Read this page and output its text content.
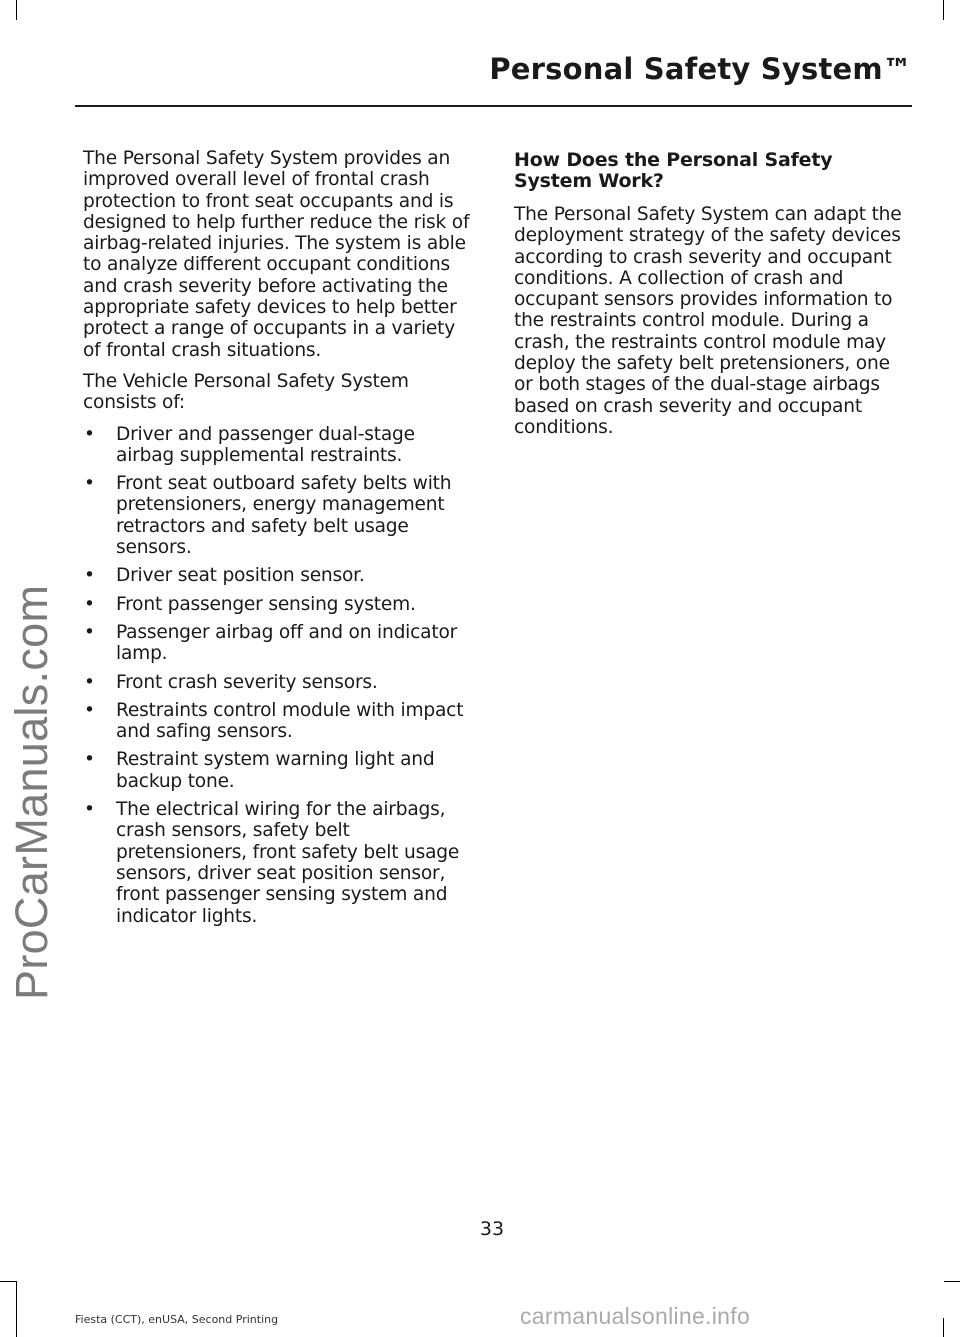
Personal Safety System™
ProCarManuals.com

The Personal Safety System provides an improved overall level of frontal crash protection to front seat occupants and is designed to help further reduce the risk of airbag-related injuries. The system is able to analyze different occupant conditions and crash severity before activating the appropriate safety devices to help better protect a range of occupants in a variety of frontal crash situations.

The Vehicle Personal Safety System consists of:

• Driver and passenger dual-stage airbag supplemental restraints.
• Front seat outboard safety belts with pretensioners, energy management retractors and safety belt usage sensors.
• Driver seat position sensor.
• Front passenger sensing system.
• Passenger airbag off and on indicator lamp.
• Front crash severity sensors.
• Restraints control module with impact and safing sensors.
• Restraint system warning light and backup tone.
• The electrical wiring for the airbags, crash sensors, safety belt pretensioners, front safety belt usage sensors, driver seat position sensor, front passenger sensing system and indicator lights.
How Does the Personal Safety System Work?

The Personal Safety System can adapt the deployment strategy of the safety devices according to crash severity and occupant conditions. A collection of crash and occupant sensors provides information to the restraints control module. During a crash, the restraints control module may deploy the safety belt pretensioners, one or both stages of the dual-stage airbags based on crash severity and occupant conditions.

33
Fiesta (CCT), enUSA, Second Printing	carmanualsonline.info
